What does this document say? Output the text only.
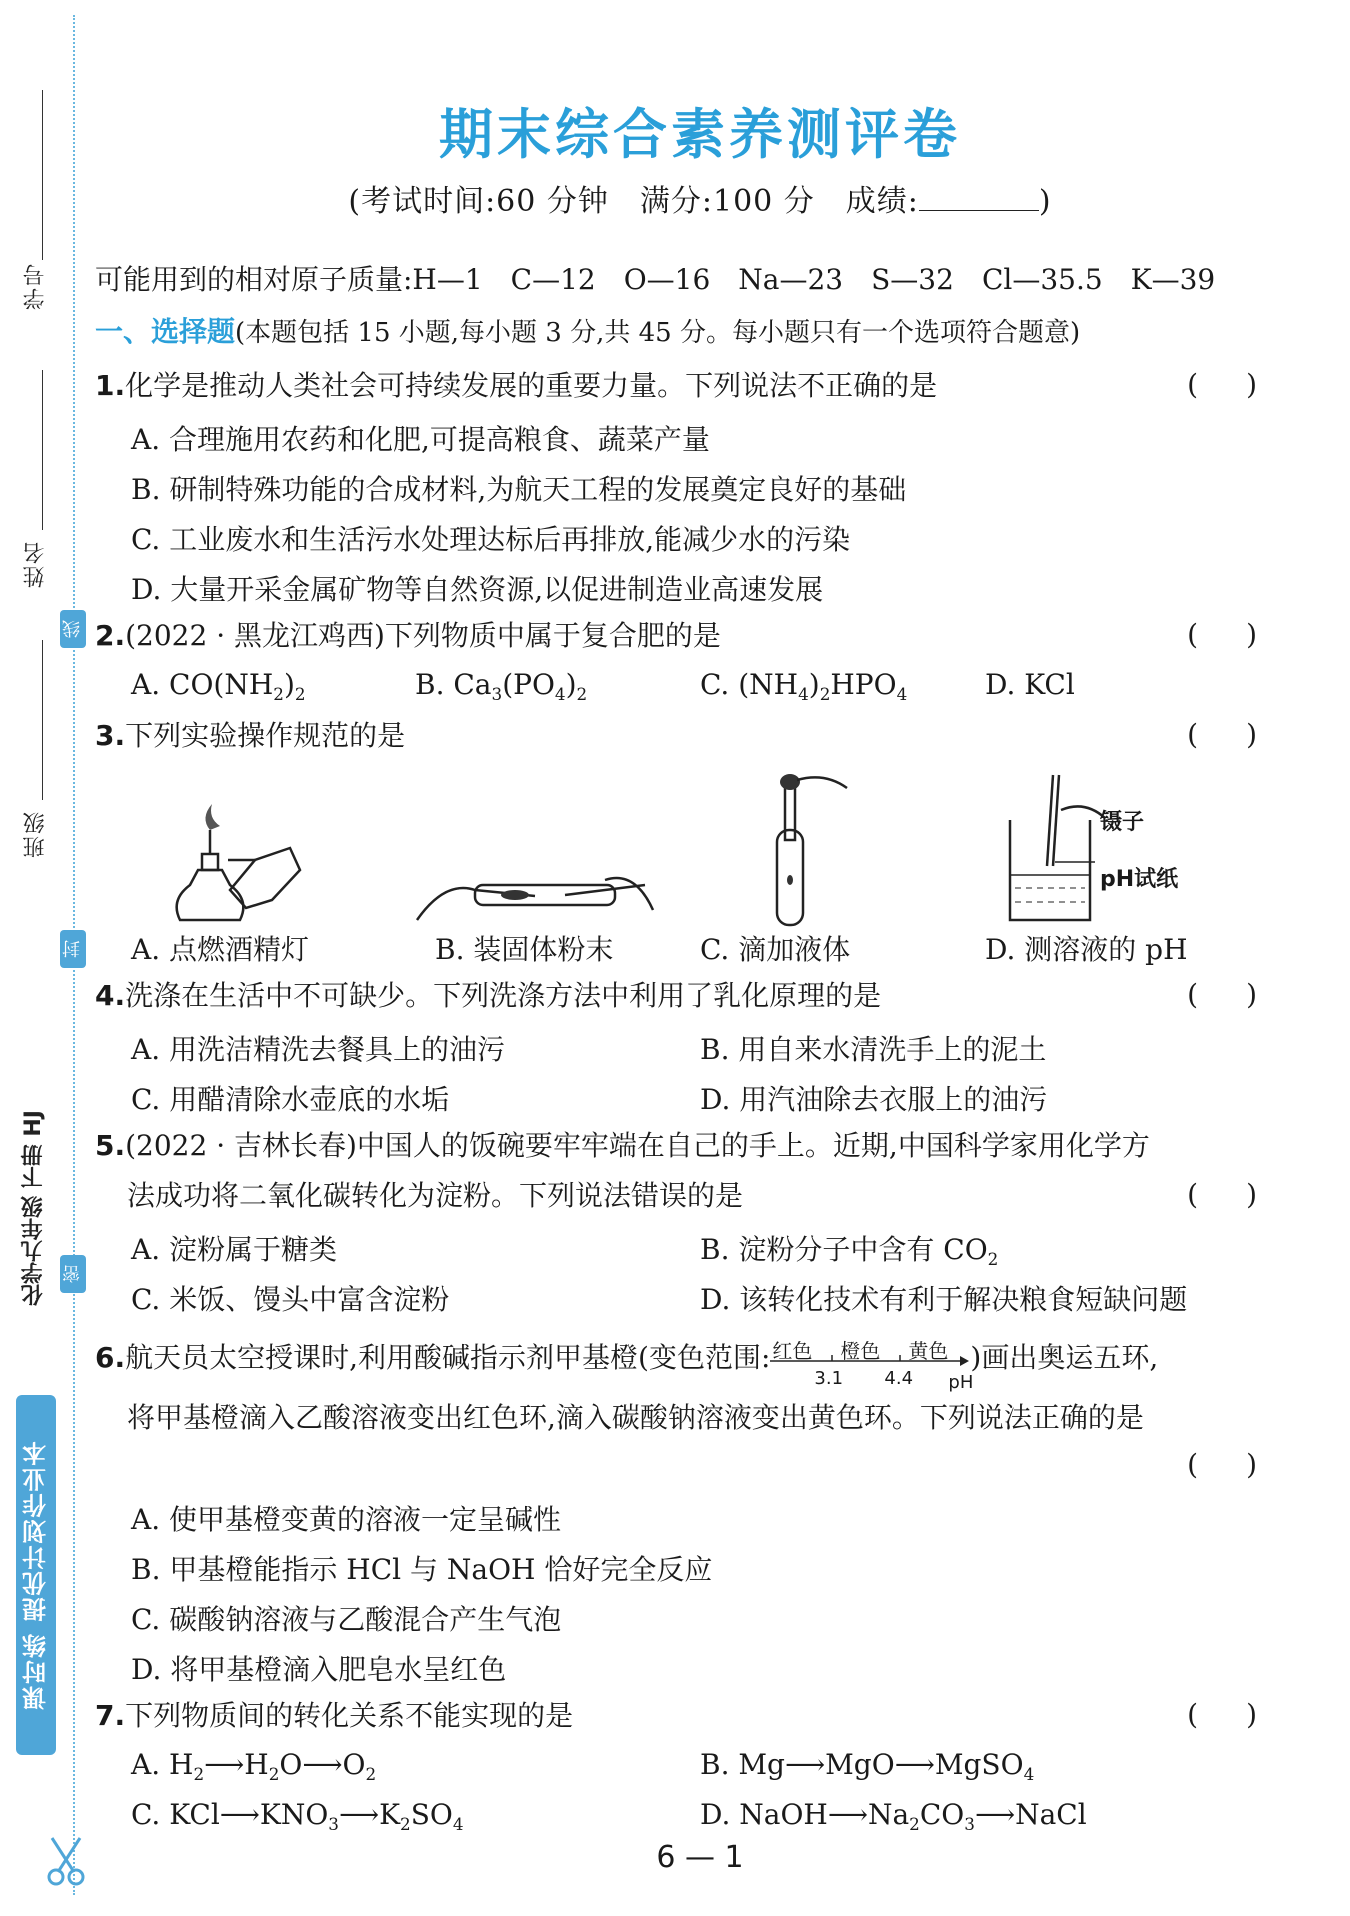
学号
姓名
班级
线
封
密
化学九年级 下册 HJ
课时练 提优计划作业本
期末综合素养测评卷
(考试时间:60 分钟　满分:100 分　成绩:	)
可能用到的相对原子质量:H—1　C—12　O—16　Na—23　S—32　Cl—35.5　K—39
一、选择题(本题包括 15 小题,每小题 3 分,共 45 分。每小题只有一个选项符合题意)
1.化学是推动人类社会可持续发展的重要力量。下列说法不正确的是	()
A. 合理施用农药和化肥,可提高粮食、蔬菜产量
B. 研制特殊功能的合成材料,为航天工程的发展奠定良好的基础
C. 工业废水和生活污水处理达标后再排放,能减少水的污染
D. 大量开采金属矿物等自然资源,以促进制造业高速发展
2.(2022 · 黑龙江鸡西)下列物质中属于复合肥的是	()
A. $CO(NH_2)_2$	B. $Ca_3(PO_4)_2$	C. $(NH_4)_2HPO_4$	D. KCl
3.下列实验操作规范的是	()
镊子
pH试纸
A. 点燃酒精灯	B. 装固体粉末	C. 滴加液体	D. 测溶液的 pH
4.洗涤在生活中不可缺少。下列洗涤方法中利用了乳化原理的是	()
A. 用洗洁精洗去餐具上的油污	B. 用自来水清洗手上的泥土
C. 用醋清除水壶底的水垢	D. 用汽油除去衣服上的油污
5.(2022 · 吉林长春)中国人的饭碗要牢牢端在自己的手上。近期,中国科学家用化学方
法成功将二氧化碳转化为淀粉。下列说法错误的是	()
A. 淀粉属于糖类	B. 淀粉分子中含有 $CO_2$
C. 米饭、馒头中富含淀粉	D. 该转化技术有利于解决粮食短缺问题
6.航天员太空授课时,利用酸碱指示剂甲基橙(变色范围: 红色 橙色 黄色
3.1 4.4 pH
)画出奥运五环,
将甲基橙滴入乙酸溶液变出红色环,滴入碳酸钠溶液变出黄色环。下列说法正确的是
()
A. 使甲基橙变黄的溶液一定呈碱性
B. 甲基橙能指示 HCl 与 NaOH 恰好完全反应
C. 碳酸钠溶液与乙酸混合产生气泡
D. 将甲基橙滴入肥皂水呈红色
7.下列物质间的转化关系不能实现的是	()
A. $H_2⟶H_2O⟶O_2$	B. Mg⟶MgO⟶MgSO$_4$
C. $KCl⟶KNO_3⟶K_2SO_4$	D. $NaOH⟶Na_2CO_3⟶NaCl$
6 — 1
